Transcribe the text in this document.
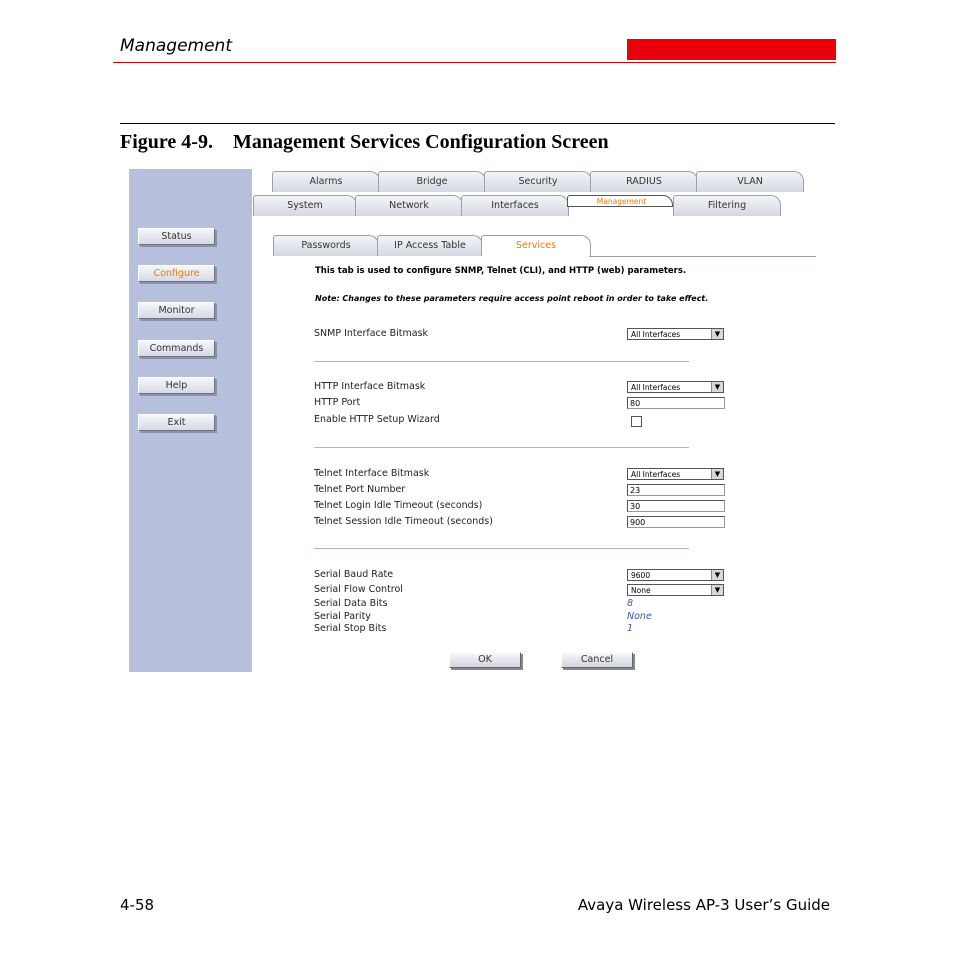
Management
Figure 4-9. Management Services Configuration Screen
Status
Configure
Monitor
Commands
Help
Exit
Alarms	Bridge	Security	RADIUS	VLAN
System	Network	Interfaces	Management	Filtering
Passwords	IP Access Table	Services
This tab is used to configure SNMP, Telnet (CLI), and HTTP (web) parameters.
Note: Changes to these parameters require access point reboot in order to take effect.
SNMP Interface Bitmask	All Interfaces	▼
HTTP Interface Bitmask	All Interfaces	▼
HTTP Port	80
Enable HTTP Setup Wizard
Telnet Interface Bitmask	All Interfaces	▼
Telnet Port Number	23
Telnet Login Idle Timeout (seconds)	30
Telnet Session Idle Timeout (seconds)	900
Serial Baud Rate	9600	▼
Serial Flow Control	None	▼
Serial Data Bits	8
Serial Parity	None
Serial Stop Bits	1
OK	Cancel
4-58	Avaya Wireless AP-3 User’s Guide
